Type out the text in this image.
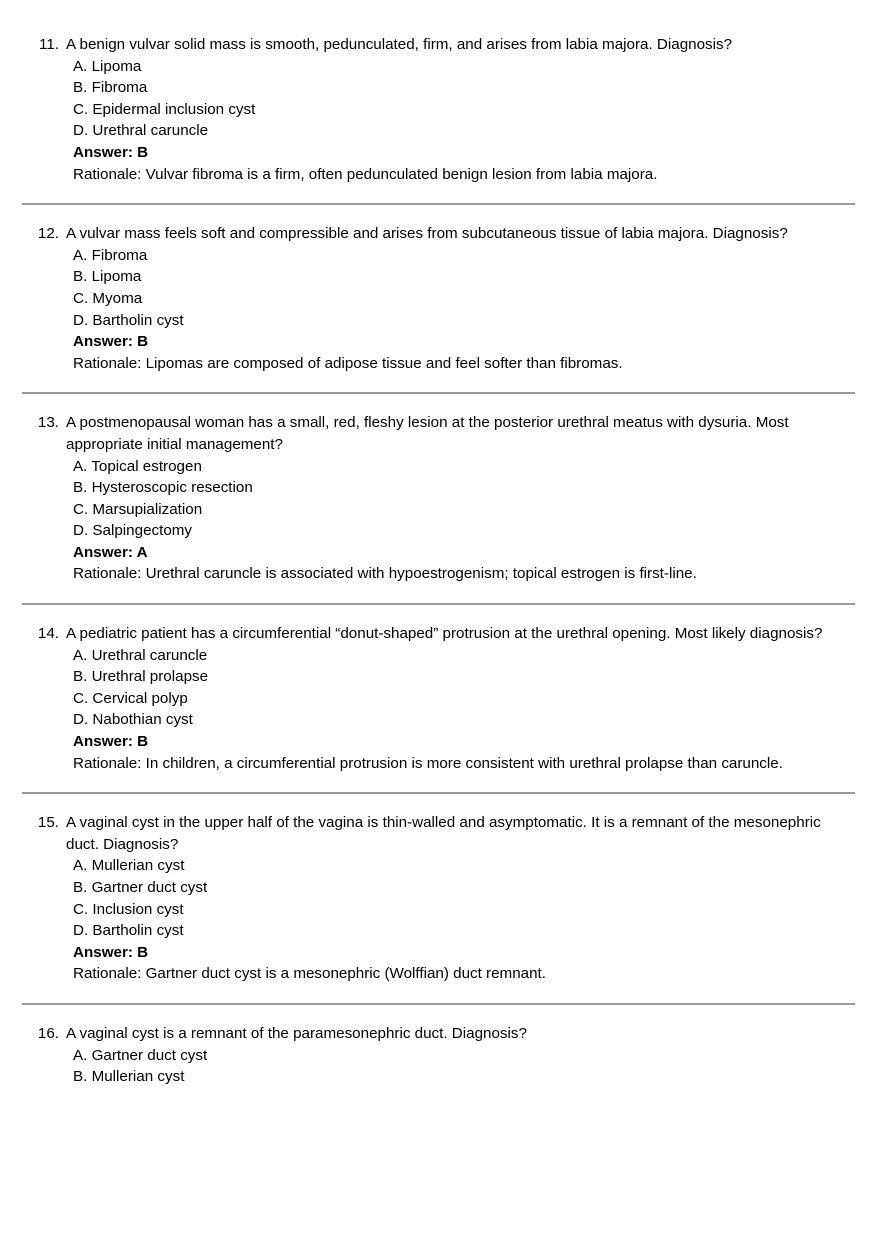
11. A benign vulvar solid mass is smooth, pedunculated, firm, and arises from labia majora. Diagnosis?
A. Lipoma
B. Fibroma
C. Epidermal inclusion cyst
D. Urethral caruncle
Answer: B
Rationale: Vulvar fibroma is a firm, often pedunculated benign lesion from labia majora.
12. A vulvar mass feels soft and compressible and arises from subcutaneous tissue of labia majora. Diagnosis?
A. Fibroma
B. Lipoma
C. Myoma
D. Bartholin cyst
Answer: B
Rationale: Lipomas are composed of adipose tissue and feel softer than fibromas.
13. A postmenopausal woman has a small, red, fleshy lesion at the posterior urethral meatus with dysuria. Most appropriate initial management?
A. Topical estrogen
B. Hysteroscopic resection
C. Marsupialization
D. Salpingectomy
Answer: A
Rationale: Urethral caruncle is associated with hypoestrogenism; topical estrogen is first-line.
14. A pediatric patient has a circumferential “donut-shaped” protrusion at the urethral opening. Most likely diagnosis?
A. Urethral caruncle
B. Urethral prolapse
C. Cervical polyp
D. Nabothian cyst
Answer: B
Rationale: In children, a circumferential protrusion is more consistent with urethral prolapse than caruncle.
15. A vaginal cyst in the upper half of the vagina is thin-walled and asymptomatic. It is a remnant of the mesonephric duct. Diagnosis?
A. Mullerian cyst
B. Gartner duct cyst
C. Inclusion cyst
D. Bartholin cyst
Answer: B
Rationale: Gartner duct cyst is a mesonephric (Wolffian) duct remnant.
16. A vaginal cyst is a remnant of the paramesonephric duct. Diagnosis?
A. Gartner duct cyst
B. Mullerian cyst
